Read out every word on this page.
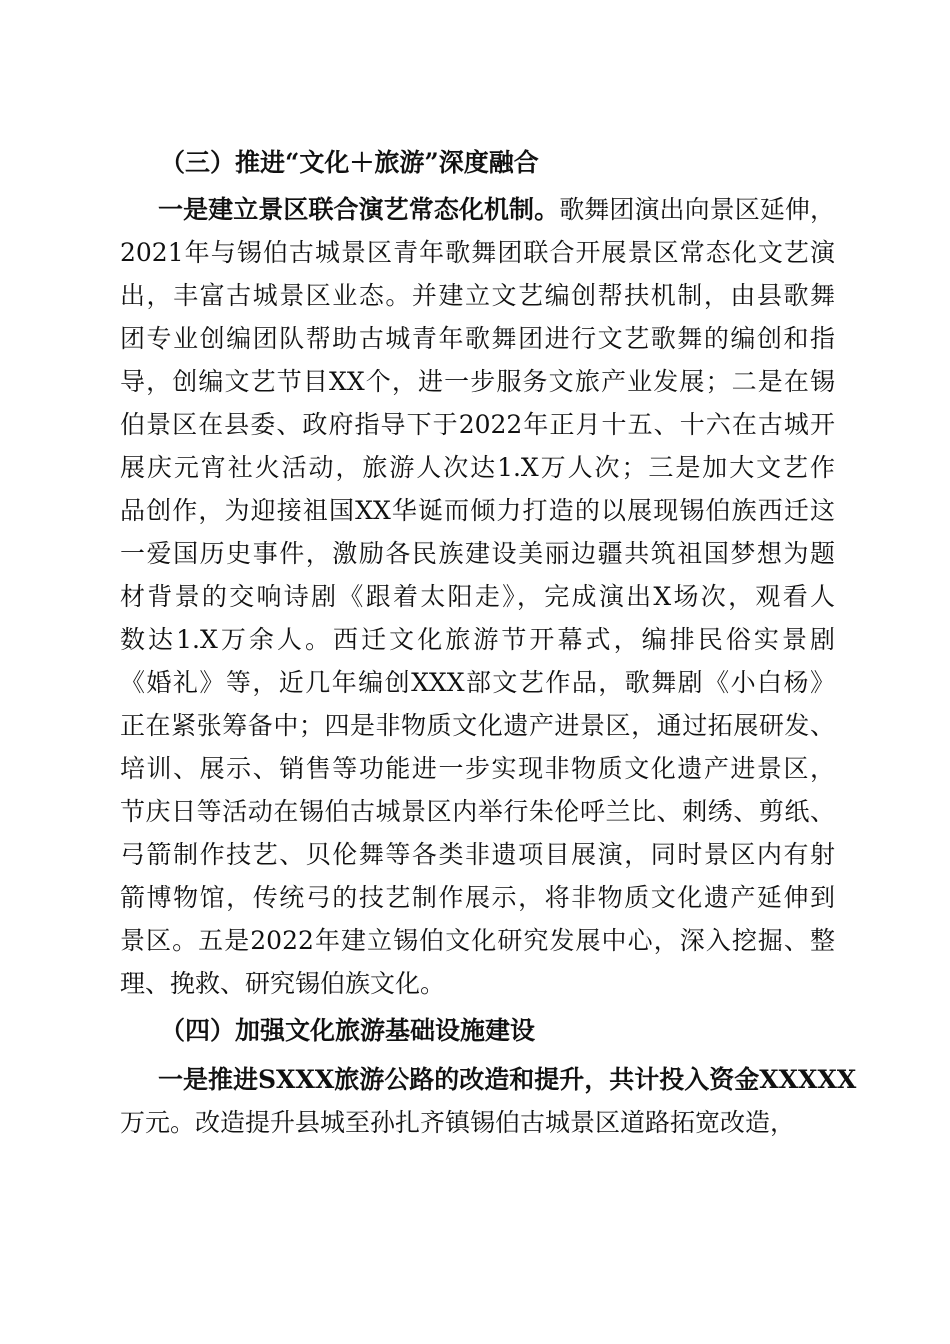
（三）推进“文化＋旅游”深度融合
一是建立景区联合演艺常态化机制。歌舞团演出向景区延伸，
2021年与锡伯古城景区青年歌舞团联合开展景区常态化文艺演
出，丰富古城景区业态。并建立文艺编创帮扶机制，由县歌舞
团专业创编团队帮助古城青年歌舞团进行文艺歌舞的编创和指
导，创编文艺节目XX个，进一步服务文旅产业发展；二是在锡
伯景区在县委、政府指导下于2022年正月十五、十六在古城开
展庆元宵社火活动，旅游人次达1.X万人次；三是加大文艺作
品创作，为迎接祖国XX华诞而倾力打造的以展现锡伯族西迁这
一爱国历史事件，激励各民族建设美丽边疆共筑祖国梦想为题
材背景的交响诗剧《跟着太阳走》，完成演出X场次，观看人
数达1.X万余人。西迁文化旅游节开幕式，编排民俗实景剧
《婚礼》等，近几年编创XXX部文艺作品，歌舞剧《小白杨》
正在紧张筹备中；四是非物质文化遗产进景区，通过拓展研发、
培训、展示、销售等功能进一步实现非物质文化遗产进景区，
节庆日等活动在锡伯古城景区内举行朱伦呼兰比、刺绣、剪纸、
弓箭制作技艺、贝伦舞等各类非遗项目展演，同时景区内有射
箭博物馆，传统弓的技艺制作展示，将非物质文化遗产延伸到
景区。五是2022年建立锡伯文化研究发展中心，深入挖掘、整
理、挽救、研究锡伯族文化。
（四）加强文化旅游基础设施建设
一是推进SXXX旅游公路的改造和提升，共计投入资金XXXXX
万元。改造提升县城至孙扎齐镇锡伯古城景区道路拓宽改造，
